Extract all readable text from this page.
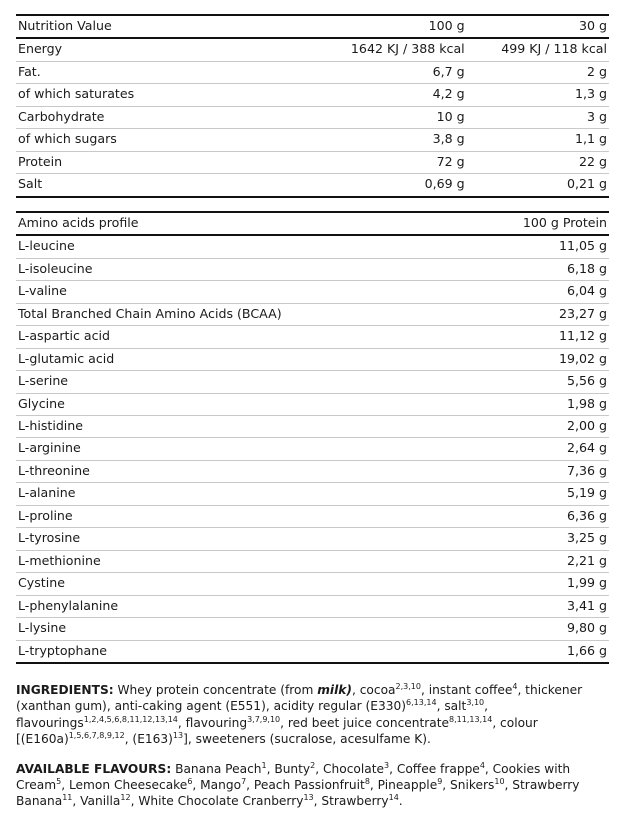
Nutrition Value	100 g	30 g
Energy	1642 KJ / 388 kcal	499 KJ / 118 kcal
Fat.	6,7 g	2 g
of which saturates	4,2 g	1,3 g
Carbohydrate	10 g	3 g
of which sugars	3,8 g	1,1 g
Protein	72 g	22 g
Salt	0,69 g	0,21 g
Amino acids profile	100 g Protein
L-leucine	11,05 g
L-isoleucine	6,18 g
L-valine	6,04 g
Total Branched Chain Amino Acids (BCAA)	23,27 g
L-aspartic acid	11,12 g
L-glutamic acid	19,02 g
L-serine	5,56 g
Glycine	1,98 g
L-histidine	2,00 g
L-arginine	2,64 g
L-threonine	7,36 g
L-alanine	5,19 g
L-proline	6,36 g
L-tyrosine	3,25 g
L-methionine	2,21 g
Cystine	1,99 g
L-phenylalanine	3,41 g
L-lysine	9,80 g
L-tryptophane	1,66 g

INGREDIENTS: Whey protein concentrate (from milk), cocoa$^{2,3,10}$, instant coffee$^4$, thickener (xanthan gum), anti-caking agent (E551), acidity regular $(E330)^{6,13,14}$, salt$^{3,10}$, flavourings$^{1,2,4,5,6,8,11,12,13,14}$, flavouring$^{3,7,9,10}$, red beet juice concentrate$^{8,11,13,14}$, colour [$(E160a)^{1,5,6,7,8,9,12}$, $(E163)^{13}$], sweeteners (sucralose, acesulfame K).

AVAILABLE FLAVOURS: Banana Peach$^1$, Bunty$^2$, Chocolate$^3$, Coffee frappe$^4$, Cookies with Cream$^5$, Lemon Cheesecake$^6$, Mango$^7$, Peach Passionfruit$^8$, Pineapple$^9$, Snikers$^{10}$, Strawberry Banana$^{11}$, Vanilla$^{12}$, White Chocolate Cranberry$^{13}$, Strawberry$^{14}$.
